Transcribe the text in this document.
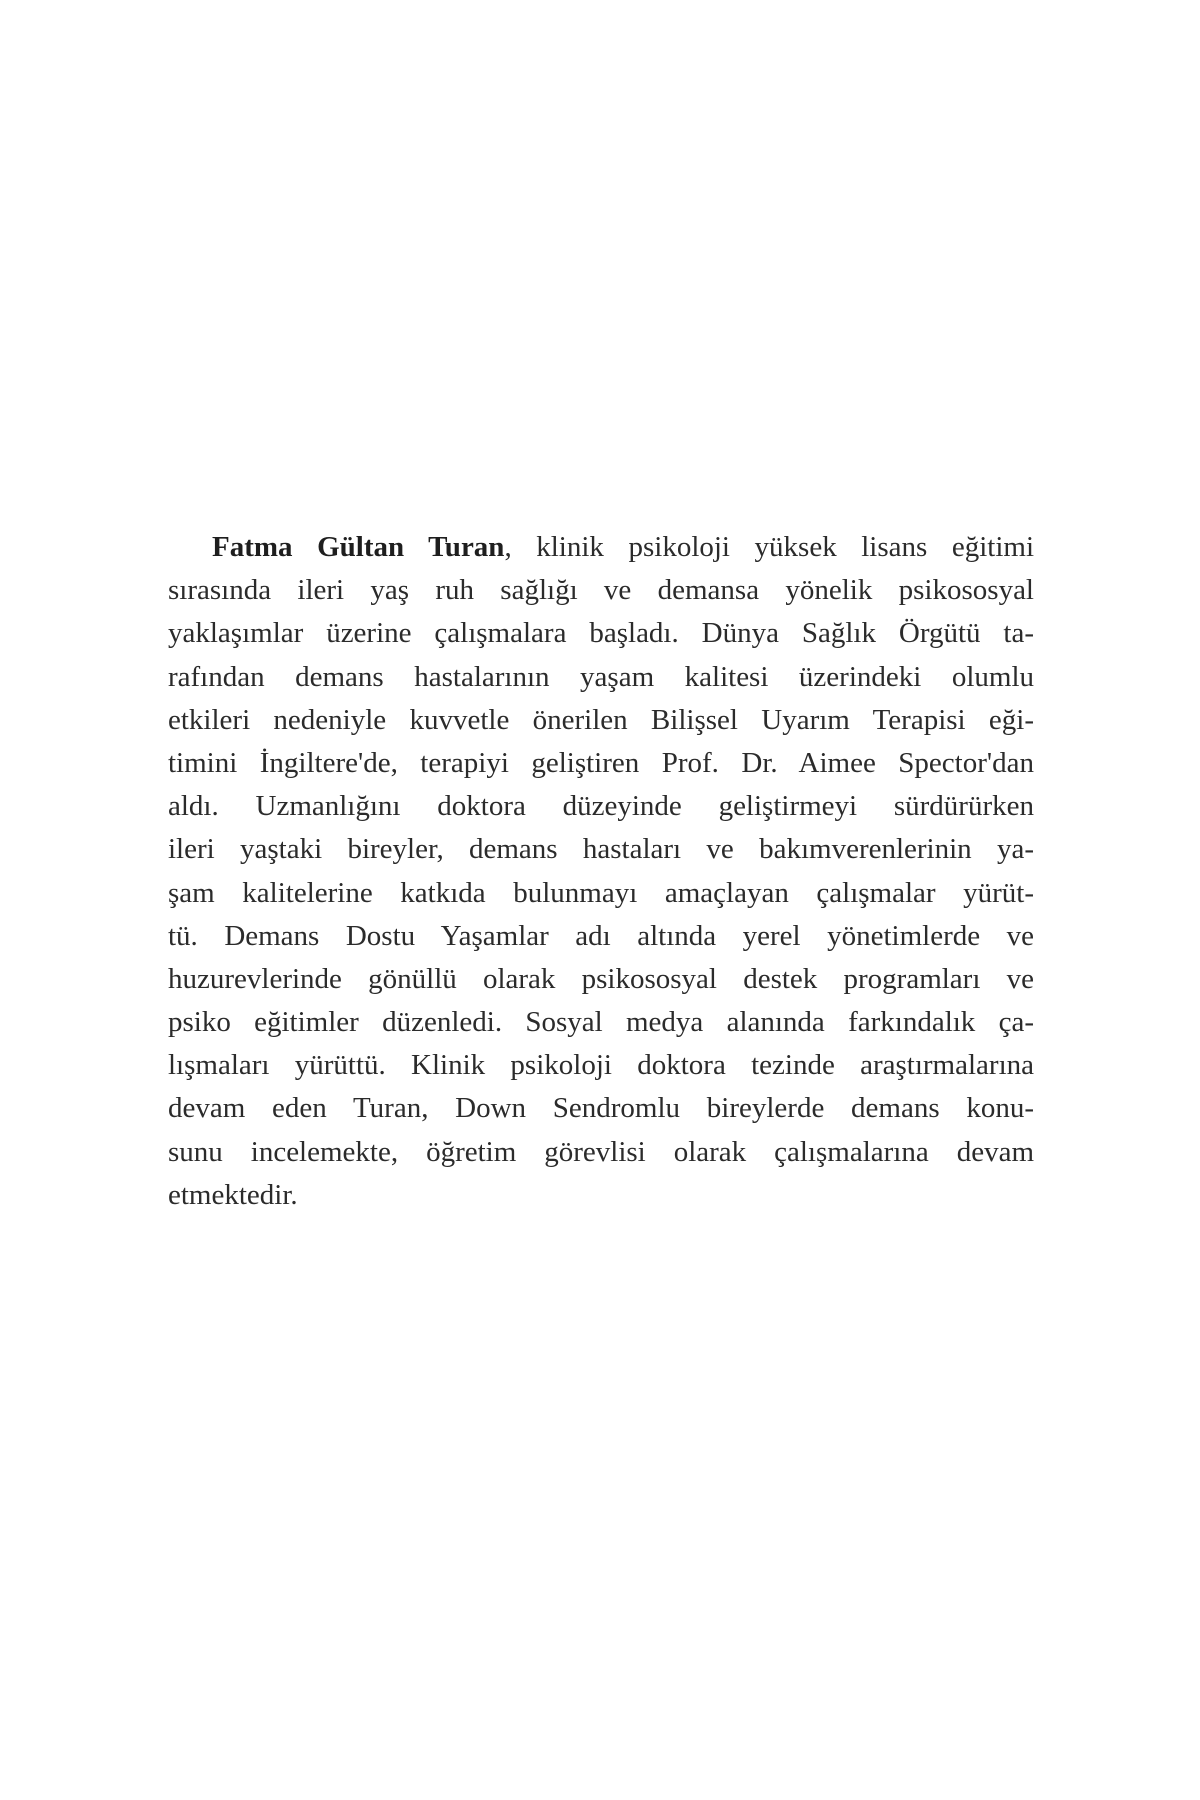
Fatma Gültan Turan, klinik psikoloji yüksek lisans eğitimi
sırasında ileri yaş ruh sağlığı ve demansa yönelik psikososyal
yaklaşımlar üzerine çalışmalara başladı. Dünya Sağlık Örgütü ta-
rafından demans hastalarının yaşam kalitesi üzerindeki olumlu
etkileri nedeniyle kuvvetle önerilen Bilişsel Uyarım Terapisi eği-
timini İngiltere'de, terapiyi geliştiren Prof. Dr. Aimee Spector'dan
aldı. Uzmanlığını doktora düzeyinde geliştirmeyi sürdürürken
ileri yaştaki bireyler, demans hastaları ve bakımverenlerinin ya-
şam kalitelerine katkıda bulunmayı amaçlayan çalışmalar yürüt-
tü. Demans Dostu Yaşamlar adı altında yerel yönetimlerde ve
huzurevlerinde gönüllü olarak psikososyal destek programları ve
psiko eğitimler düzenledi. Sosyal medya alanında farkındalık ça-
lışmaları yürüttü. Klinik psikoloji doktora tezinde araştırmalarına
devam eden Turan, Down Sendromlu bireylerde demans konu-
sunu incelemekte, öğretim görevlisi olarak çalışmalarına devam
etmektedir.
